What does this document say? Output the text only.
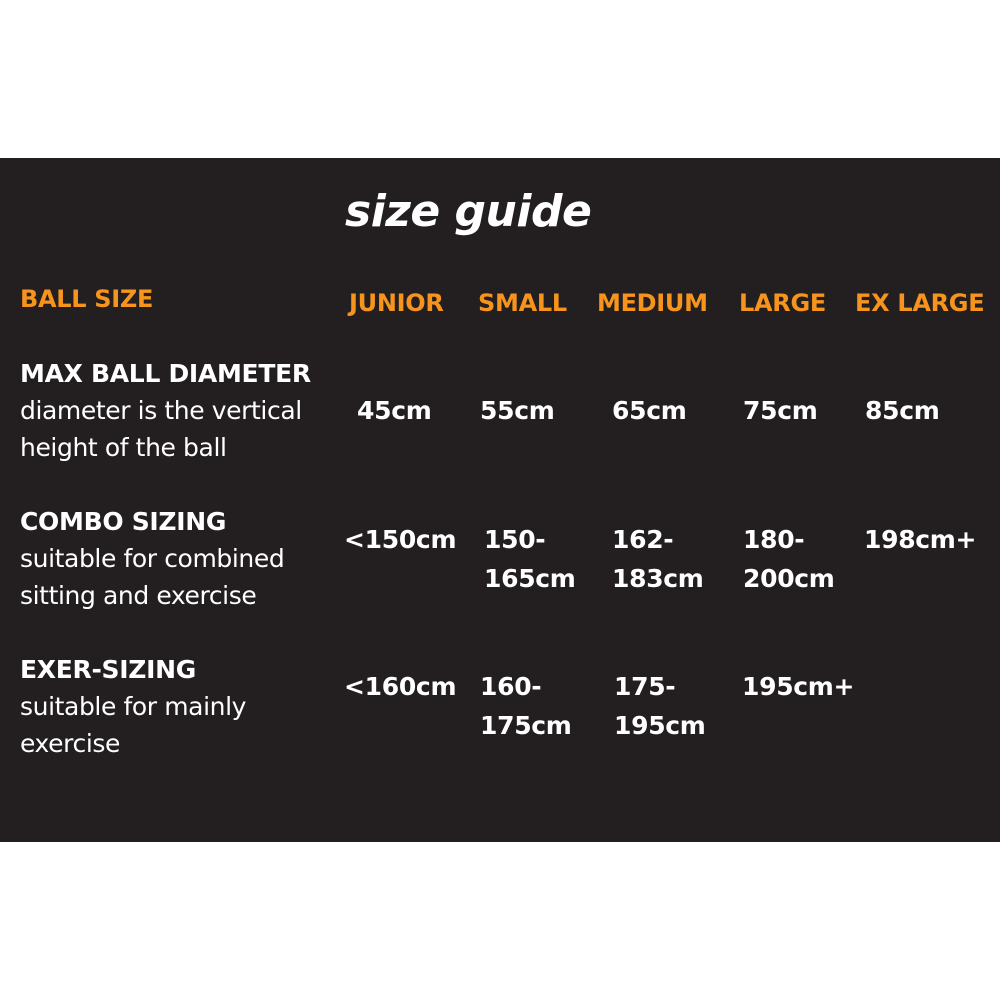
size guide
BALL SIZE	JUNIOR SMALL MEDIUM LARGE EX LARGE
MAX BALL DIAMETER
diameter is the vertical height of the ball
45cm 55cm 65cm 75cm 85cm
COMBO SIZING
suitable for combined sitting and exercise
<150cm 150-
165cm
162-
183cm
180-
200cm
198cm+
EXER-SIZING
suitable for mainly exercise
<160cm 160-
175cm
175-
195cm
195cm+
